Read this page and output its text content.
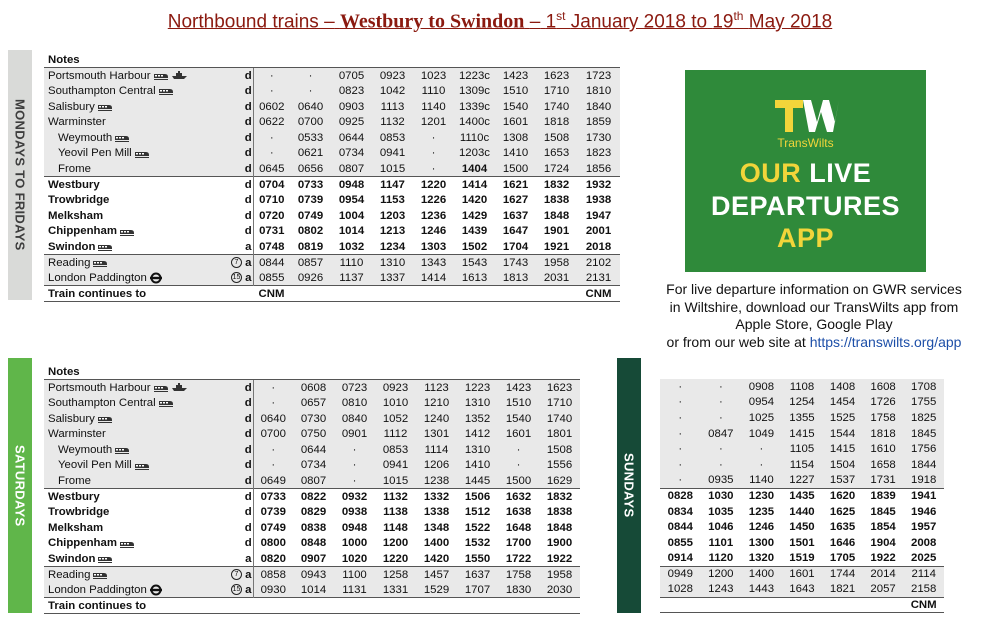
Northbound trains – Westbury to Swindon – 1st January 2018 to 19th May 2018
MONDAYS TO FRIDAYS
SATURDAYS	SUNDAYS
Notes											
Portsmouth Harbour		d	·	·	0705	0923	1023	1223c	1423	1623	1723
Southampton Central		d	·	·	0823	1042	1110	1309c	1510	1710	1810
Salisbury		d	0602	0640	0903	1113	1140	1339c	1540	1740	1840
Warminster		d	0622	0700	0925	1132	1201	1400c	1601	1818	1859
Weymouth		d	·	0533	0644	0853	·	1110c	1308	1508	1730
Yeovil Pen Mill		d	·	0621	0734	0941	·	1203c	1410	1653	1823
Frome		d	0645	0656	0807	1015	·	1404	1500	1724	1856
Westbury		d	0704	0733	0948	1147	1220	1414	1621	1832	1932
Trowbridge		d	0710	0739	0954	1153	1226	1420	1627	1838	1938
Melksham		d	0720	0749	1004	1203	1236	1429	1637	1848	1947
Chippenham		d	0731	0802	1014	1213	1246	1439	1647	1901	2001
Swindon		a	0748	0819	1032	1234	1303	1502	1704	1921	2018
Reading	7	a	0844	0857	1110	1310	1343	1543	1743	1958	2102
London Paddington	15	a	0855	0926	1137	1337	1414	1613	1813	2031	2131
Train continues to			CNM								CNM
Notes										
Portsmouth Harbour		d	·	0608	0723	0923	1123	1223	1423	1623
Southampton Central		d	·	0657	0810	1010	1210	1310	1510	1710
Salisbury		d	0640	0730	0840	1052	1240	1352	1540	1740
Warminster		d	0700	0750	0901	1112	1301	1412	1601	1801
Weymouth		d	·	0644	·	0853	1114	1310	·	1508
Yeovil Pen Mill		d	·	0734	·	0941	1206	1410	·	1556
Frome		d	0649	0807	·	1015	1238	1445	1500	1629
Westbury		d	0733	0822	0932	1132	1332	1506	1632	1832
Trowbridge		d	0739	0829	0938	1138	1338	1512	1638	1838
Melksham		d	0749	0838	0948	1148	1348	1522	1648	1848
Chippenham		d	0800	0848	1000	1200	1400	1532	1700	1900
Swindon		a	0820	0907	1020	1220	1420	1550	1722	1922
Reading	7	a	0858	0943	1100	1258	1457	1637	1758	1958
London Paddington	15	a	0930	1014	1131	1331	1529	1707	1830	2030
Train continues to										
·	·	0908	1108	1408	1608	1708
·	·	0954	1254	1454	1726	1755
·	·	1025	1355	1525	1758	1825
·	0847	1049	1415	1544	1818	1845
·	·	·	1105	1415	1610	1756
·	·	·	1154	1504	1658	1844
·	0935	1140	1227	1537	1731	1918
0828	1030	1230	1435	1620	1839	1941
0834	1035	1235	1440	1625	1845	1946
0844	1046	1246	1450	1635	1854	1957
0855	1101	1300	1501	1646	1904	2008
0914	1120	1320	1519	1705	1922	2025
0949	1200	1400	1601	1744	2014	2114
1028	1243	1443	1643	1821	2057	2158
						CNM
TransWilts
OUR LIVE
DEPARTURES
APP
For live departure information on GWR services
in Wiltshire, download our TransWilts app from
Apple Store, Google Play
or from our web site at https://transwilts.org/app
